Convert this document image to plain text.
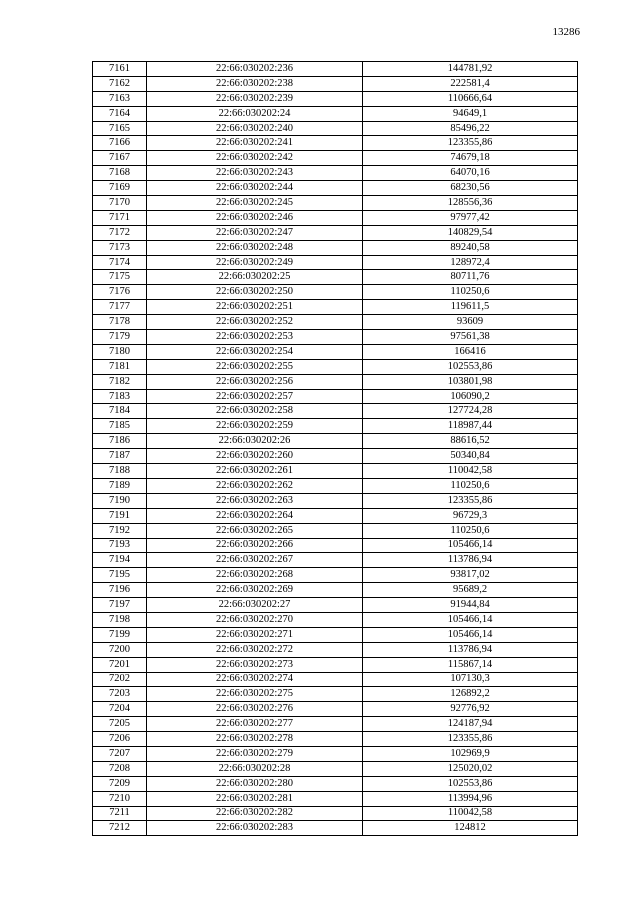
13286
7161	22:66:030202:236	144781,92
7162	22:66:030202:238	222581,4
7163	22:66:030202:239	110666,64
7164	22:66:030202:24	94649,1
7165	22:66:030202:240	85496,22
7166	22:66:030202:241	123355,86
7167	22:66:030202:242	74679,18
7168	22:66:030202:243	64070,16
7169	22:66:030202:244	68230,56
7170	22:66:030202:245	128556,36
7171	22:66:030202:246	97977,42
7172	22:66:030202:247	140829,54
7173	22:66:030202:248	89240,58
7174	22:66:030202:249	128972,4
7175	22:66:030202:25	80711,76
7176	22:66:030202:250	110250,6
7177	22:66:030202:251	119611,5
7178	22:66:030202:252	93609
7179	22:66:030202:253	97561,38
7180	22:66:030202:254	166416
7181	22:66:030202:255	102553,86
7182	22:66:030202:256	103801,98
7183	22:66:030202:257	106090,2
7184	22:66:030202:258	127724,28
7185	22:66:030202:259	118987,44
7186	22:66:030202:26	88616,52
7187	22:66:030202:260	50340,84
7188	22:66:030202:261	110042,58
7189	22:66:030202:262	110250,6
7190	22:66:030202:263	123355,86
7191	22:66:030202:264	96729,3
7192	22:66:030202:265	110250,6
7193	22:66:030202:266	105466,14
7194	22:66:030202:267	113786,94
7195	22:66:030202:268	93817,02
7196	22:66:030202:269	95689,2
7197	22:66:030202:27	91944,84
7198	22:66:030202:270	105466,14
7199	22:66:030202:271	105466,14
7200	22:66:030202:272	113786,94
7201	22:66:030202:273	115867,14
7202	22:66:030202:274	107130,3
7203	22:66:030202:275	126892,2
7204	22:66:030202:276	92776,92
7205	22:66:030202:277	124187,94
7206	22:66:030202:278	123355,86
7207	22:66:030202:279	102969,9
7208	22:66:030202:28	125020,02
7209	22:66:030202:280	102553,86
7210	22:66:030202:281	113994,96
7211	22:66:030202:282	110042,58
7212	22:66:030202:283	124812
